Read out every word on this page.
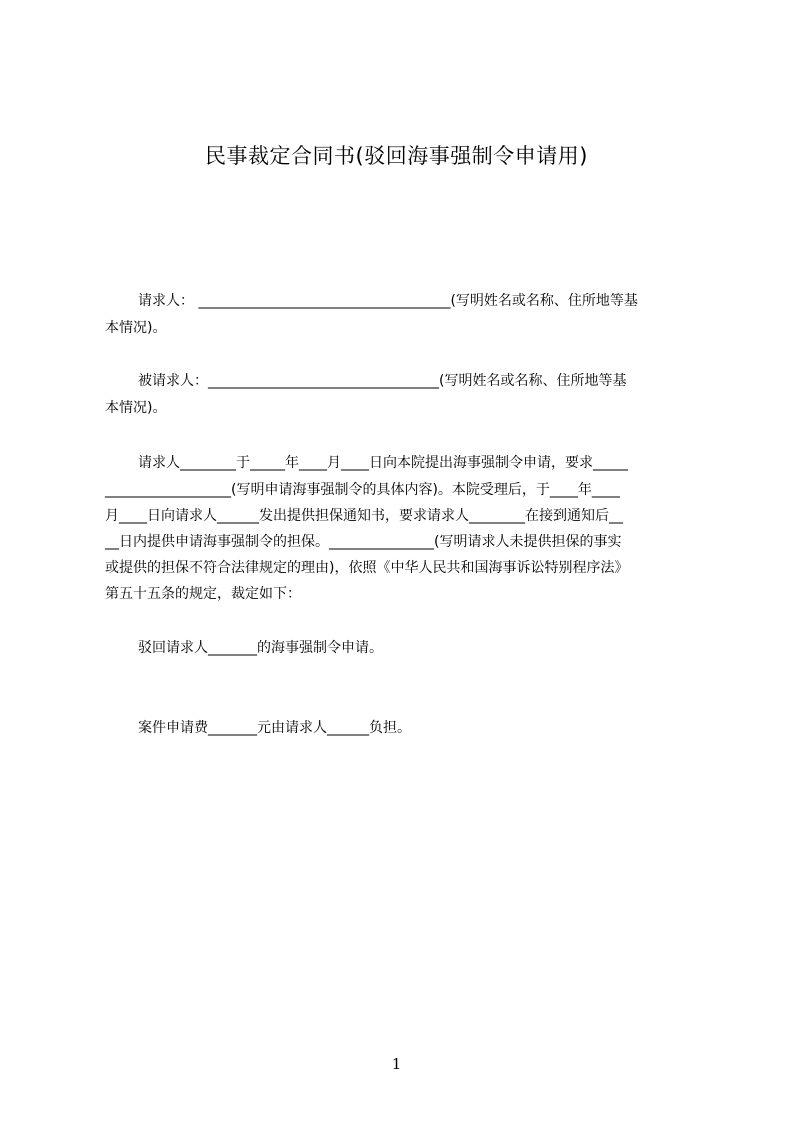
民事裁定合同书(驳回海事强制令申请用)
请求人： ____________________________________(写明姓名或名称、住所地等基
本情况)。
被请求人：_________________________________(写明姓名或名称、住所地等基
本情况)。
请求人________于_____年____月____日向本院提出海事强制令申请，要求_____
__________________(写明申请海事强制令的具体内容)。本院受理后，于____年____
月____日向请求人______发出提供担保通知书，要求请求人________在接到通知后__
__日内提供申请海事强制令的担保。_______________(写明请求人未提供担保的事实
或提供的担保不符合法律规定的理由)，依照《中华人民共和国海事诉讼特别程序法》
第五十五条的规定，裁定如下：
驳回请求人_______的海事强制令申请。
案件申请费_______元由请求人______负担。
1
